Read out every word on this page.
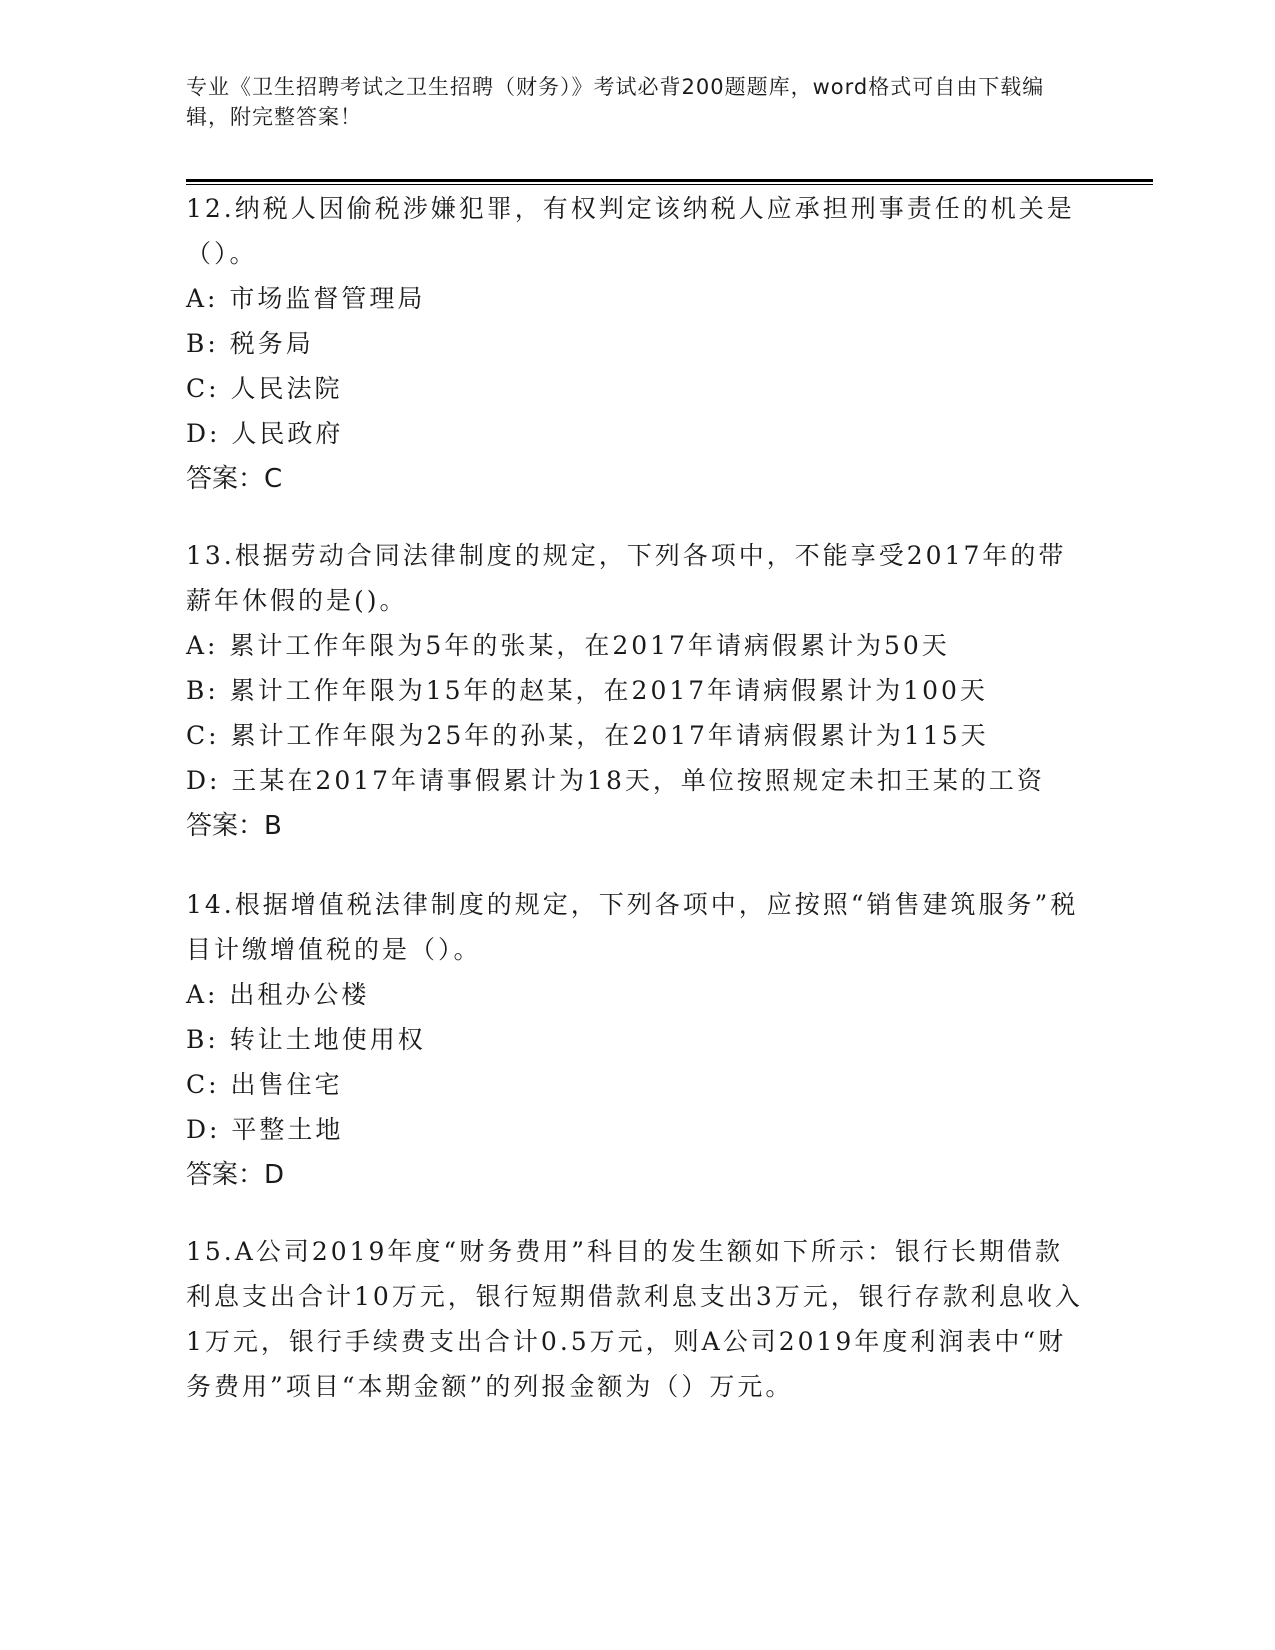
专业《卫生招聘考试之卫生招聘（财务）》考试必背200题题库，word格式可自由下载编辑，附完整答案！
12.纳税人因偷税涉嫌犯罪，有权判定该纳税人应承担刑事责任的机关是（）。
A: 市场监督管理局
B: 税务局
C: 人民法院
D: 人民政府
答案：C
13.根据劳动合同法律制度的规定，下列各项中，不能享受2017年的带薪年休假的是()。
A: 累计工作年限为5年的张某，在2017年请病假累计为50天
B: 累计工作年限为15年的赵某，在2017年请病假累计为100天
C: 累计工作年限为25年的孙某，在2017年请病假累计为115天
D: 王某在2017年请事假累计为18天，单位按照规定未扣王某的工资
答案：B
14.根据增值税法律制度的规定，下列各项中，应按照“销售建筑服务”税目计缴增值税的是（）。
A: 出租办公楼
B: 转让土地使用权
C: 出售住宅
D: 平整土地
答案：D
15.A公司2019年度“财务费用”科目的发生额如下所示：银行长期借款利息支出合计10万元，银行短期借款利息支出3万元，银行存款利息收入1万元，银行手续费支出合计0.5万元，则A公司2019年度利润表中“财务费用”项目“本期金额”的列报金额为（）万元。
